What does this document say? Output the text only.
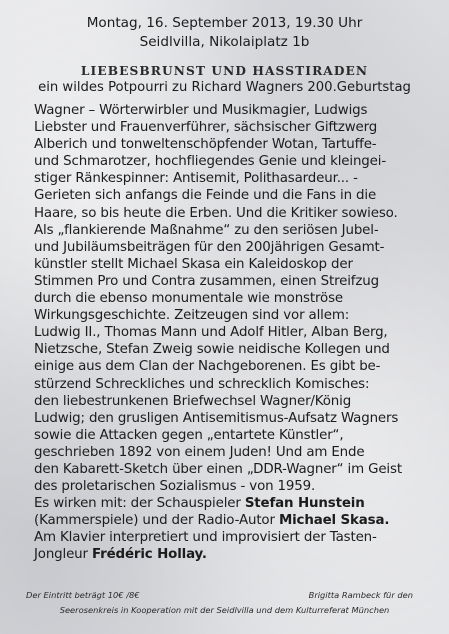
Montag, 16. September 2013, 19.30 Uhr
Seidlvilla, Nikolaiplatz 1b
LIEBESBRUNST UND HASSTIRADEN
ein wildes Potpourri zu Richard Wagners 200.Geburtstag
Wagner – Wörterwirbler und Musikmagier, Ludwigs
Liebster und Frauenverführer, sächsischer Giftzwerg
Alberich und tonweltenschöpfender Wotan, Tartuffe-
und Schmarotzer, hochfliegendes Genie und kleingei-
stiger Ränkespinner: Antisemit, Polithasardeur... -
Gerieten sich anfangs die Feinde und die Fans in die
Haare, so bis heute die Erben. Und die Kritiker sowieso.
Als „flankierende Maßnahme“ zu den seriösen Jubel-
und Jubiläumsbeiträgen für den 200jährigen Gesamt-
künstler stellt Michael Skasa ein Kaleidoskop der
Stimmen Pro und Contra zusammen, einen Streifzug
durch die ebenso monumentale wie monströse
Wirkungsgeschichte. Zeitzeugen sind vor allem:
Ludwig II., Thomas Mann und Adolf Hitler, Alban Berg,
Nietzsche, Stefan Zweig sowie neidische Kollegen und
einige aus dem Clan der Nachgeborenen. Es gibt be-
stürzend Schreckliches und schrecklich Komisches:
den liebestrunkenen Briefwechsel Wagner/König
Ludwig; den grusligen Antisemitismus-Aufsatz Wagners
sowie die Attacken gegen „entartete Künstler“,
geschrieben 1892 von einem Juden! Und am Ende
den Kabarett-Sketch über einen „DDR-Wagner“ im Geist
des proletarischen Sozialismus - von 1959.
Es wirken mit: der Schauspieler Stefan Hunstein
(Kammerspiele) und der Radio-Autor Michael Skasa.
Am Klavier interpretiert und improvisiert der Tasten-
Jongleur Frédéric Hollay.
Der Eintritt beträgt 10€ /8€	Brigitta Rambeck für den
Seerosenkreis in Kooperation mit der Seidlvilla und dem Kulturreferat München
